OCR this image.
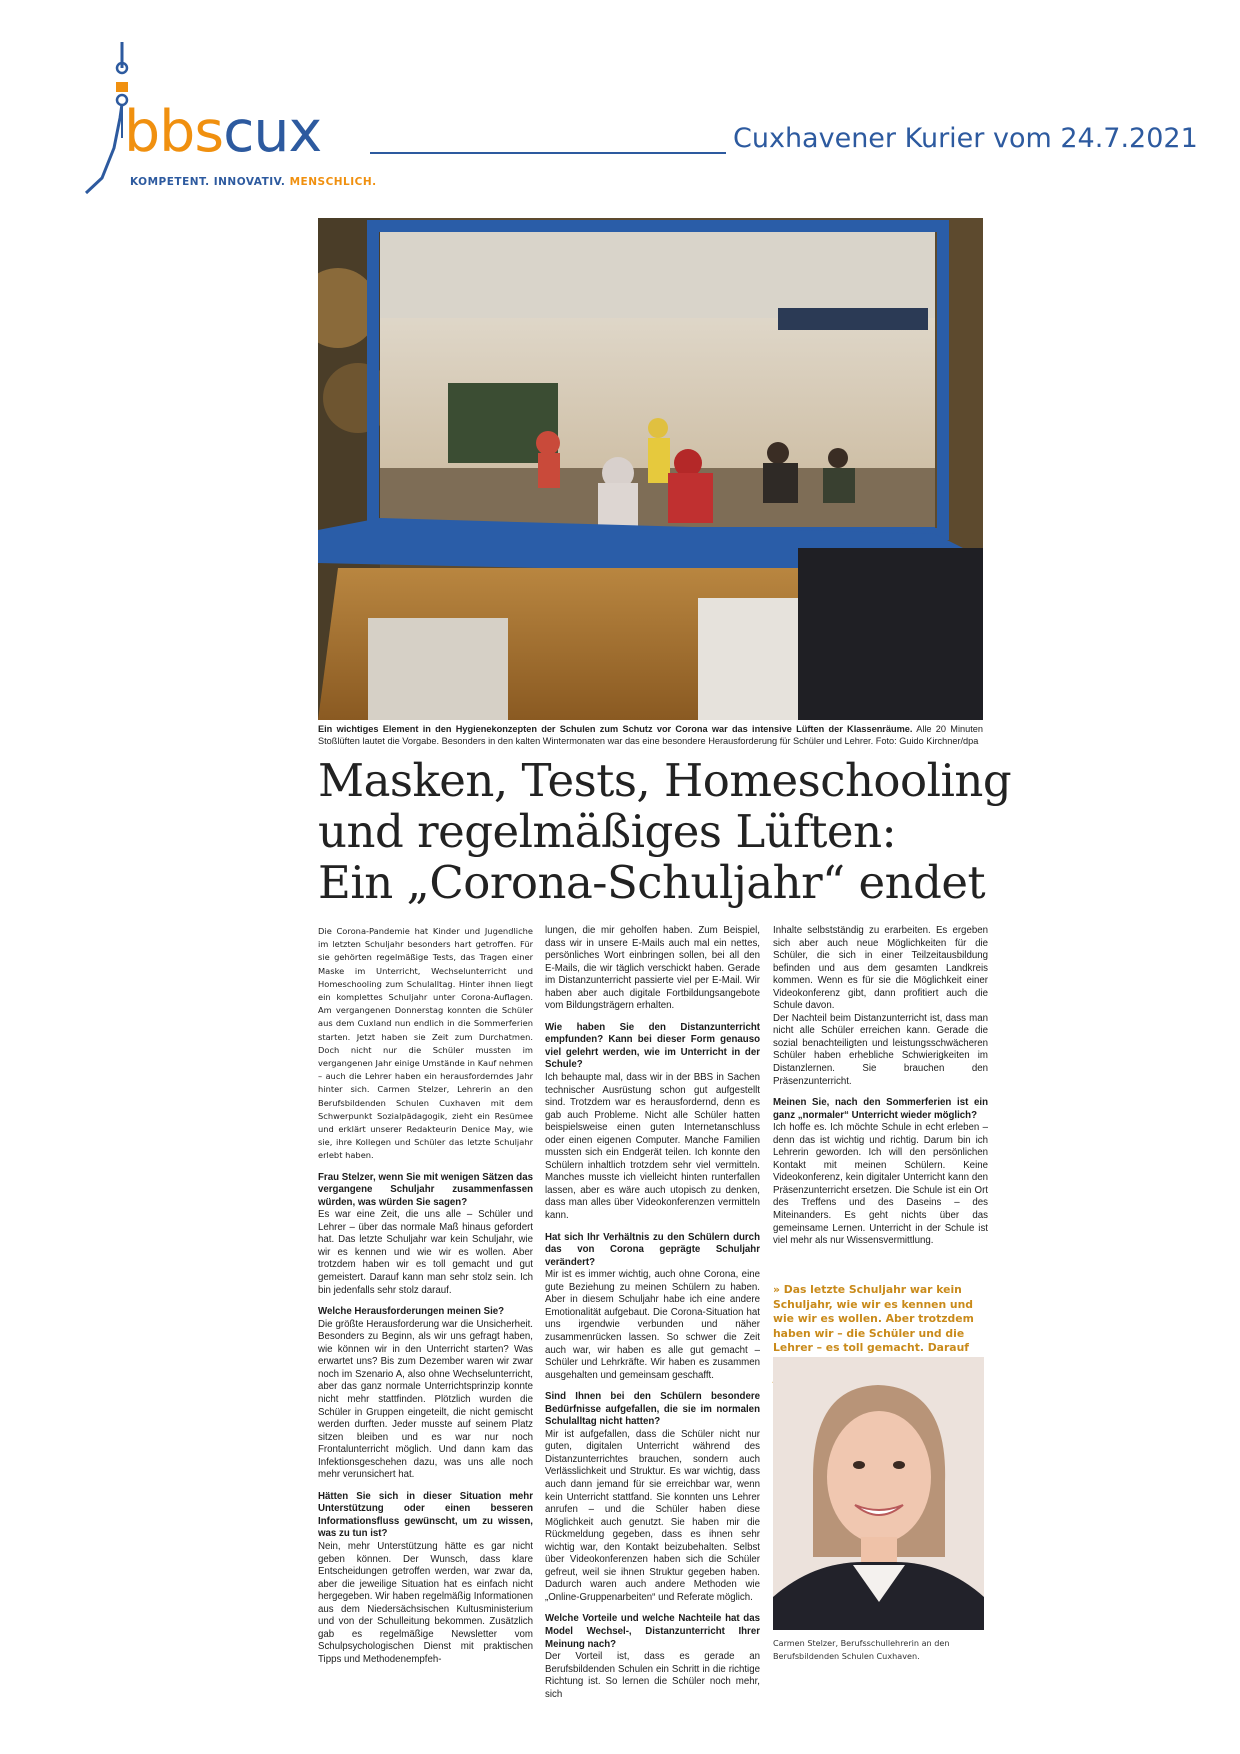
bbscux
KOMPETENT. INNOVATIV. MENSCHLICH.
Cuxhavener Kurier vom 24.7.2021
Ein wichtiges Element in den Hygienekonzepten der Schulen zum Schutz vor Corona war das intensive Lüften der Klassenräume. Alle 20 Minuten Stoßlüften lautet die Vorgabe. Besonders in den kalten Wintermonaten war das eine besondere Herausforderung für Schüler und Lehrer. Foto: Guido Kirchner/dpa
Masken, Tests, Homeschooling
und regelmäßiges Lüften:
Ein „Corona-Schuljahr“ endet

Die Corona-Pandemie hat Kinder und Jugendliche im letzten Schuljahr besonders hart getroffen. Für sie gehörten regelmäßige Tests, das Tragen einer Maske im Unterricht, Wechselunterricht und Homeschooling zum Schulalltag. Hinter ihnen liegt ein komplettes Schuljahr unter Corona-Auflagen. Am vergangenen Donnerstag konnten die Schüler aus dem Cuxland nun endlich in die Sommerferien starten. Jetzt haben sie Zeit zum Durchatmen. Doch nicht nur die Schüler mussten im vergangenen Jahr einige Umstände in Kauf nehmen – auch die Lehrer haben ein herausforderndes Jahr hinter sich. Carmen Stelzer, Lehrerin an den Berufsbildenden Schulen Cuxhaven mit dem Schwerpunkt Sozialpädagogik, zieht ein Resümee und erklärt unserer Redakteurin Denice May, wie sie, ihre Kollegen und Schüler das letzte Schuljahr erlebt haben.

Frau Stelzer, wenn Sie mit wenigen Sätzen das vergangene Schuljahr zusammenfassen würden, was würden Sie sagen?

Es war eine Zeit, die uns alle – Schüler und Lehrer – über das normale Maß hinaus gefordert hat. Das letzte Schuljahr war kein Schuljahr, wie wir es kennen und wie wir es wollen. Aber trotzdem haben wir es toll gemacht und gut gemeistert. Darauf kann man sehr stolz sein. Ich bin jedenfalls sehr stolz darauf.

Welche Herausforderungen meinen Sie?

Die größte Herausforderung war die Unsicherheit. Besonders zu Beginn, als wir uns gefragt haben, wie können wir in den Unterricht starten? Was erwartet uns? Bis zum Dezember waren wir zwar noch im Szenario A, also ohne Wechselunterricht, aber das ganz normale Unterrichtsprinzip konnte nicht mehr stattfinden. Plötzlich wurden die Schüler in Gruppen eingeteilt, die nicht gemischt werden durften. Jeder musste auf seinem Platz sitzen bleiben und es war nur noch Frontalunterricht möglich. Und dann kam das Infektionsgeschehen dazu, was uns alle noch mehr verunsichert hat.

Hätten Sie sich in dieser Situation mehr Unterstützung oder einen besseren Informationsfluss gewünscht, um zu wissen, was zu tun ist?

Nein, mehr Unterstützung hätte es gar nicht geben können. Der Wunsch, dass klare Entscheidungen getroffen werden, war zwar da, aber die jeweilige Situation hat es einfach nicht hergegeben. Wir haben regelmäßig Informationen aus dem Niedersächsischen Kultusministerium und von der Schulleitung bekommen. Zusätzlich gab es regelmäßige Newsletter vom Schulpsychologischen Dienst mit praktischen Tipps und Methodenempfeh-

lungen, die mir geholfen haben. Zum Beispiel, dass wir in unsere E-Mails auch mal ein nettes, persönliches Wort einbringen sollen, bei all den E-Mails, die wir täglich verschickt haben. Gerade im Distanzunterricht passierte viel per E-Mail. Wir haben aber auch digitale Fortbildungsangebote vom Bildungsträgern erhalten.

Wie haben Sie den Distanzunterricht empfunden? Kann bei dieser Form genauso viel gelehrt werden, wie im Unterricht in der Schule?

Ich behaupte mal, dass wir in der BBS in Sachen technischer Ausrüstung schon gut aufgestellt sind. Trotzdem war es herausfordernd, denn es gab auch Probleme. Nicht alle Schüler hatten beispielsweise einen guten Internetanschluss oder einen eigenen Computer. Manche Familien mussten sich ein Endgerät teilen. Ich konnte den Schülern inhaltlich trotzdem sehr viel vermitteln. Manches musste ich vielleicht hinten runterfallen lassen, aber es wäre auch utopisch zu denken, dass man alles über Videokonferenzen vermitteln kann.

Hat sich Ihr Verhältnis zu den Schülern durch das von Corona geprägte Schuljahr verändert?

Mir ist es immer wichtig, auch ohne Corona, eine gute Beziehung zu meinen Schülern zu haben. Aber in diesem Schuljahr habe ich eine andere Emotionalität aufgebaut. Die Corona-Situation hat uns irgendwie verbunden und näher zusammenrücken lassen. So schwer die Zeit auch war, wir haben es alle gut gemacht – Schüler und Lehrkräfte. Wir haben es zusammen ausgehalten und gemeinsam geschafft.

Sind Ihnen bei den Schülern besondere Bedürfnisse aufgefallen, die sie im normalen Schulalltag nicht hatten?

Mir ist aufgefallen, dass die Schüler nicht nur guten, digitalen Unterricht während des Distanzunterrichtes brauchen, sondern auch Verlässlichkeit und Struktur. Es war wichtig, dass auch dann jemand für sie erreichbar war, wenn kein Unterricht stattfand. Sie konnten uns Lehrer anrufen – und die Schüler haben diese Möglichkeit auch genutzt. Sie haben mir die Rückmeldung gegeben, dass es ihnen sehr wichtig war, den Kontakt beizubehalten. Selbst über Videokonferenzen haben sich die Schüler gefreut, weil sie ihnen Struktur gegeben haben. Dadurch waren auch andere Methoden wie „Online-Gruppenarbeiten“ und Referate möglich.

Welche Vorteile und welche Nachteile hat das Model Wechsel-, Distanzunterricht Ihrer Meinung nach?

Der Vorteil ist, dass es gerade an Berufsbildenden Schulen ein Schritt in die richtige Richtung ist. So lernen die Schüler noch mehr, sich

Inhalte selbstständig zu erarbeiten. Es ergeben sich aber auch neue Möglichkeiten für die Schüler, die sich in einer Teilzeitausbildung befinden und aus dem gesamten Landkreis kommen. Wenn es für sie die Möglichkeit einer Videokonferenz gibt, dann profitiert auch die Schule davon.

Der Nachteil beim Distanzunterricht ist, dass man nicht alle Schüler erreichen kann. Gerade die sozial benachteiligten und leistungsschwächeren Schüler haben erhebliche Schwierigkeiten im Distanzlernen. Sie brauchen den Präsenzunterricht.

Meinen Sie, nach den Sommerferien ist ein ganz „normaler“ Unterricht wieder möglich?

Ich hoffe es. Ich möchte Schule in echt erleben – denn das ist wichtig und richtig. Darum bin ich Lehrerin geworden. Ich will den persönlichen Kontakt mit meinen Schülern. Keine Videokonferenz, kein digitaler Unterricht kann den Präsenzunterricht ersetzen. Die Schule ist ein Ort des Treffens und des Daseins – des Miteinanders. Es geht nichts über das gemeinsame Lernen. Unterricht in der Schule ist viel mehr als nur Wissensvermittlung.

» Das letzte Schuljahr war kein Schuljahr, wie wir es kennen und wie wir es wollen. Aber trotzdem haben wir – die Schüler und die Lehrer – es toll gemacht. Darauf
Carmen Stelzer, Berufsschullehrerin an den Berufsbildenden Schulen Cuxhaven.
